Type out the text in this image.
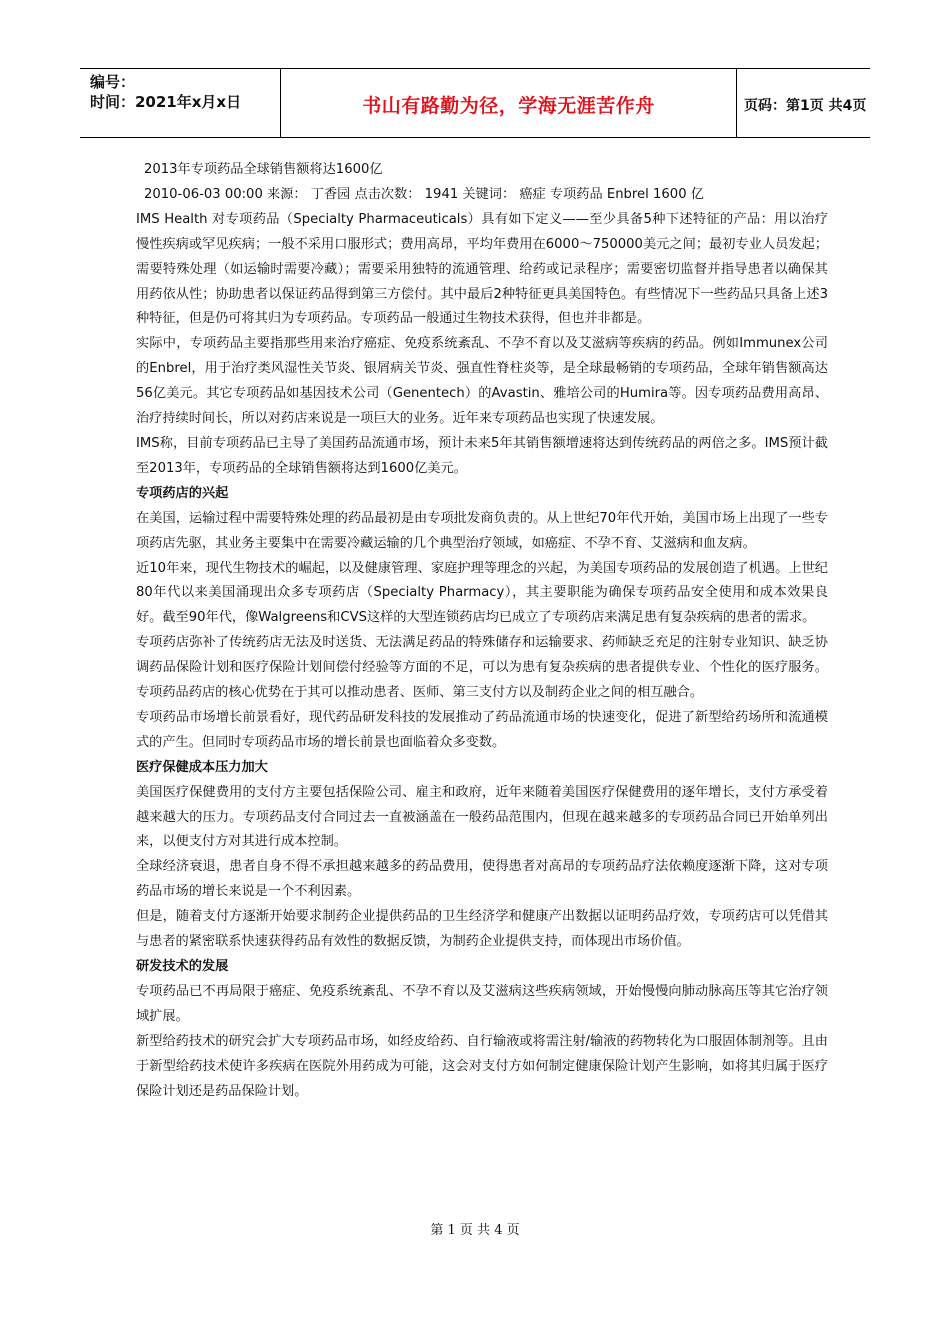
编号：
时间：2021年x月x日	书山有路勤为径，学海无涯苦作舟	页码：第1页 共4页
2013年专项药品全球销售额将达1600亿
2010-06-03 00:00 来源： 丁香园 点击次数： 1941 关键词： 癌症 专项药品 Enbrel 1600 亿
IMS Health 对专项药品（Specialty Pharmaceuticals）具有如下定义——至少具备5种下述特征的产品：用以治疗慢性疾病或罕见疾病；一般不采用口服形式；费用高昂，平均年费用在6000～750000美元之间；最初专业人员发起；需要特殊处理（如运输时需要冷藏）；需要采用独特的流通管理、给药或记录程序；需要密切监督并指导患者以确保其用药依从性；协助患者以保证药品得到第三方偿付。其中最后2种特征更具美国特色。有些情况下一些药品只具备上述3种特征，但是仍可将其归为专项药品。专项药品一般通过生物技术获得，但也并非都是。
实际中，专项药品主要指那些用来治疗癌症、免疫系统紊乱、不孕不育以及艾滋病等疾病的药品。例如Immunex公司的Enbrel，用于治疗类风湿性关节炎、银屑病关节炎、强直性脊柱炎等，是全球最畅销的专项药品，全球年销售额高达56亿美元。其它专项药品如基因技术公司（Genentech）的Avastin、雅培公司的Humira等。因专项药品费用高昂、治疗持续时间长，所以对药店来说是一项巨大的业务。近年来专项药品也实现了快速发展。
IMS称，目前专项药品已主导了美国药品流通市场，预计未来5年其销售额增速将达到传统药品的两倍之多。IMS预计截至2013年，专项药品的全球销售额将达到1600亿美元。
专项药店的兴起
在美国，运输过程中需要特殊处理的药品最初是由专项批发商负责的。从上世纪70年代开始，美国市场上出现了一些专项药店先驱，其业务主要集中在需要冷藏运输的几个典型治疗领域，如癌症、不孕不育、艾滋病和血友病。
近10年来，现代生物技术的崛起，以及健康管理、家庭护理等理念的兴起，为美国专项药品的发展创造了机遇。上世纪80年代以来美国涌现出众多专项药店（Specialty Pharmacy），其主要职能为确保专项药品安全使用和成本效果良好。截至90年代，像Walgreens和CVS这样的大型连锁药店均已成立了专项药店来满足患有复杂疾病的患者的需求。
专项药店弥补了传统药店无法及时送货、无法满足药品的特殊储存和运输要求、药师缺乏充足的注射专业知识、缺乏协调药品保险计划和医疗保险计划间偿付经验等方面的不足，可以为患有复杂疾病的患者提供专业、个性化的医疗服务。专项药品药店的核心优势在于其可以推动患者、医师、第三支付方以及制药企业之间的相互融合。
专项药品市场增长前景看好，现代药品研发科技的发展推动了药品流通市场的快速变化，促进了新型给药场所和流通模式的产生。但同时专项药品市场的增长前景也面临着众多变数。
医疗保健成本压力加大
美国医疗保健费用的支付方主要包括保险公司、雇主和政府，近年来随着美国医疗保健费用的逐年增长，支付方承受着越来越大的压力。专项药品支付合同过去一直被涵盖在一般药品范围内，但现在越来越多的专项药品合同已开始单列出来，以便支付方对其进行成本控制。
全球经济衰退，患者自身不得不承担越来越多的药品费用，使得患者对高昂的专项药品疗法依赖度逐渐下降，这对专项药品市场的增长来说是一个不利因素。
但是，随着支付方逐渐开始要求制药企业提供药品的卫生经济学和健康产出数据以证明药品疗效，专项药店可以凭借其与患者的紧密联系快速获得药品有效性的数据反馈，为制药企业提供支持，而体现出市场价值。
研发技术的发展
专项药品已不再局限于癌症、免疫系统紊乱、不孕不育以及艾滋病这些疾病领域，开始慢慢向肺动脉高压等其它治疗领域扩展。
新型给药技术的研究会扩大专项药品市场，如经皮给药、自行输液或将需注射/输液的药物转化为口服固体制剂等。且由于新型给药技术使许多疾病在医院外用药成为可能，这会对支付方如何制定健康保险计划产生影响，如将其归属于医疗保险计划还是药品保险计划。
第 1 页 共 4 页
